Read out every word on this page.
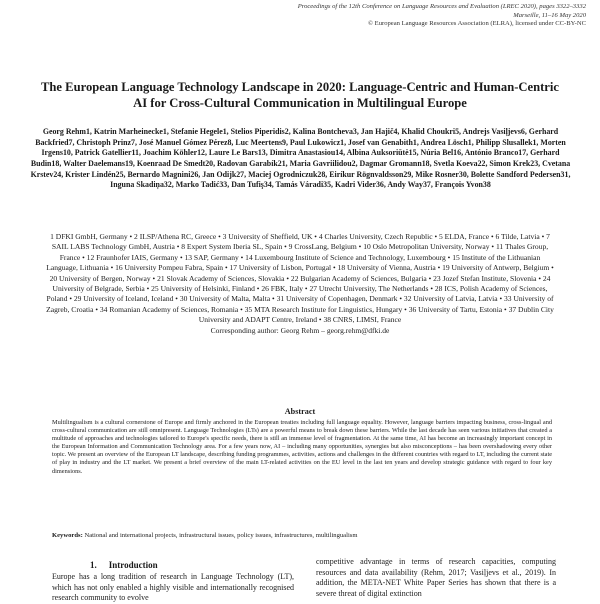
Proceedings of the 12th Conference on Language Resources and Evaluation (LREC 2020), pages 3322–3332
Marseille, 11–16 May 2020
© European Language Resources Association (ELRA), licensed under CC-BY-NC
The European Language Technology Landscape in 2020: Language-Centric and Human-Centric AI for Cross-Cultural Communication in Multilingual Europe
Georg Rehm1, Katrin Marheinecke1, Stefanie Hegele1, Stelios Piperidis2, Kalina Bontcheva3, Jan Hajič4, Khalid Choukri5, Andrejs Vasiļjevs6, Gerhard Backfried7, Christoph Prinz7, José Manuel Gómez Pérez8, Luc Meertens9, Paul Lukowicz1, Josef van Genabith1, Andrea Lösch1, Philipp Slusallek1, Morten Irgens10, Patrick Gatellier11, Joachim Köhler12, Laure Le Bars13, Dimitra Anastasiou14, Albina Auksoriūtė15, Núria Bel16, António Branco17, Gerhard Budin18, Walter Daelemans19, Koenraad De Smedt20, Radovan Garabík21, Maria Gavriilidou2, Dagmar Gromann18, Svetla Koeva22, Simon Krek23, Cvetana Krstev24, Krister Lindén25, Bernardo Magnini26, Jan Odijk27, Maciej Ogrodniczuk28, Eiríkur Rögnvaldsson29, Mike Rosner30, Bolette Sandford Pedersen31, Inguna Skadiņa32, Marko Tadić33, Dan Tufiş34, Tamás Váradi35, Kadri Vider36, Andy Way37, François Yvon38
1 DFKI GmbH, Germany • 2 ILSP/Athena RC, Greece • 3 University of Sheffield, UK • 4 Charles University, Czech Republic • 5 ELDA, France • 6 Tilde, Latvia • 7 SAIL LABS Technology GmbH, Austria • 8 Expert System Iberia SL, Spain • 9 CrossLang, Belgium • 10 Oslo Metropolitan University, Norway • 11 Thales Group, France • 12 Fraunhofer IAIS, Germany • 13 SAP, Germany • 14 Luxembourg Institute of Science and Technology, Luxembourg • 15 Institute of the Lithuanian Language, Lithuania • 16 University Pompeu Fabra, Spain • 17 University of Lisbon, Portugal • 18 University of Vienna, Austria • 19 University of Antwerp, Belgium • 20 University of Bergen, Norway • 21 Slovak Academy of Sciences, Slovakia • 22 Bulgarian Academy of Sciences, Bulgaria • 23 Jozef Stefan Institute, Slovenia • 24 University of Belgrade, Serbia • 25 University of Helsinki, Finland • 26 FBK, Italy • 27 Utrecht University, The Netherlands • 28 ICS, Polish Academy of Sciences, Poland • 29 University of Iceland, Iceland • 30 University of Malta, Malta • 31 University of Copenhagen, Denmark • 32 University of Latvia, Latvia • 33 University of Zagreb, Croatia • 34 Romanian Academy of Sciences, Romania • 35 MTA Research Institute for Linguistics, Hungary • 36 University of Tartu, Estonia • 37 Dublin City University and ADAPT Centre, Ireland • 38 CNRS, LIMSI, France
Corresponding author: Georg Rehm – georg.rehm@dfki.de
Abstract
Multilingualism is a cultural cornerstone of Europe and firmly anchored in the European treaties including full language equality. However, language barriers impacting business, cross-lingual and cross-cultural communication are still omnipresent. Language Technologies (LTs) are a powerful means to break down these barriers. While the last decade has seen various initiatives that created a multitude of approaches and technologies tailored to Europe's specific needs, there is still an immense level of fragmentation. At the same time, AI has become an increasingly important concept in the European Information and Communication Technology area. For a few years now, AI – including many opportunities, synergies but also misconceptions – has been overshadowing every other topic. We present an overview of the European LT landscape, describing funding programmes, activities, actions and challenges in the different countries with regard to LT, including the current state of play in industry and the LT market. We present a brief overview of the main LT-related activities on the EU level in the last ten years and develop strategic guidance with regard to four key dimensions.
Keywords: National and international projects, infrastructural issues, policy issues, infrastructures, multilingualism
1. Introduction
Europe has a long tradition of research in Language Technology (LT), which has not only enabled a highly visible and internationally recognised research community to evolve
competitive advantage in terms of research capacities, computing resources and data availability (Rehm, 2017; Vasiļjevs et al., 2019). In addition, the META-NET White Paper Series has shown that there is a severe threat of digital extinction
